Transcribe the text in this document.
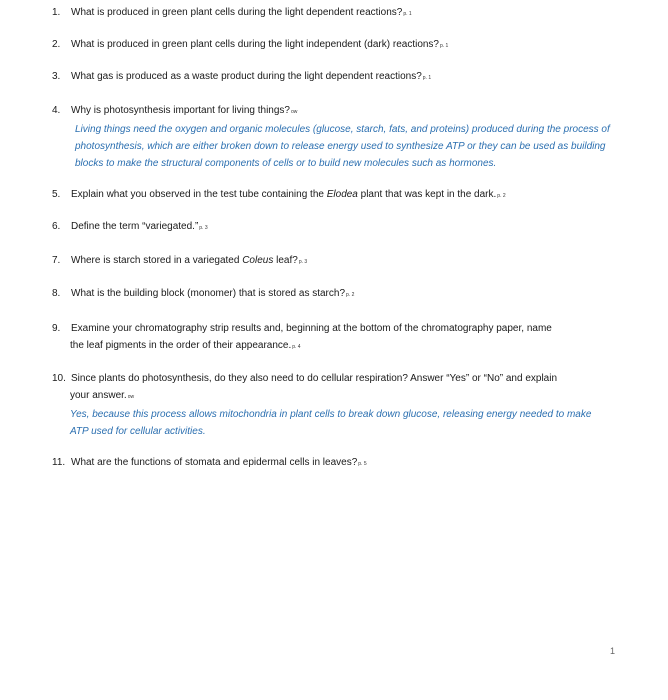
1. What is produced in green plant cells during the light dependent reactions?p. 1
2. What is produced in green plant cells during the light independent (dark) reactions?p. 1
3. What gas is produced as a waste product during the light dependent reactions?p. 1
4. Why is photosynthesis important for living things?ow
Living things need the oxygen and organic molecules (glucose, starch, fats, and proteins) produced during the process of photosynthesis, which are either broken down to release energy used to synthesize ATP or they can be used as building blocks to make the structural components of cells or to build new molecules such as hormones.
5. Explain what you observed in the test tube containing the Elodea plant that was kept in the dark.p. 2
6. Define the term “variegated.”p. 3
7. Where is starch stored in a variegated Coleus leaf?p. 3
8. What is the building block (monomer) that is stored as starch?p. 2
9. Examine your chromatography strip results and, beginning at the bottom of the chromatography paper, name
the leaf pigments in the order of their appearance.p. 4
10. Since plants do photosynthesis, do they also need to do cellular respiration? Answer “Yes” or “No” and explain
your answer.ow
Yes, because this process allows mitochondria in plant cells to break down glucose, releasing energy needed to make ATP used for cellular activities.
11. What are the functions of stomata and epidermal cells in leaves?p. 5
1
